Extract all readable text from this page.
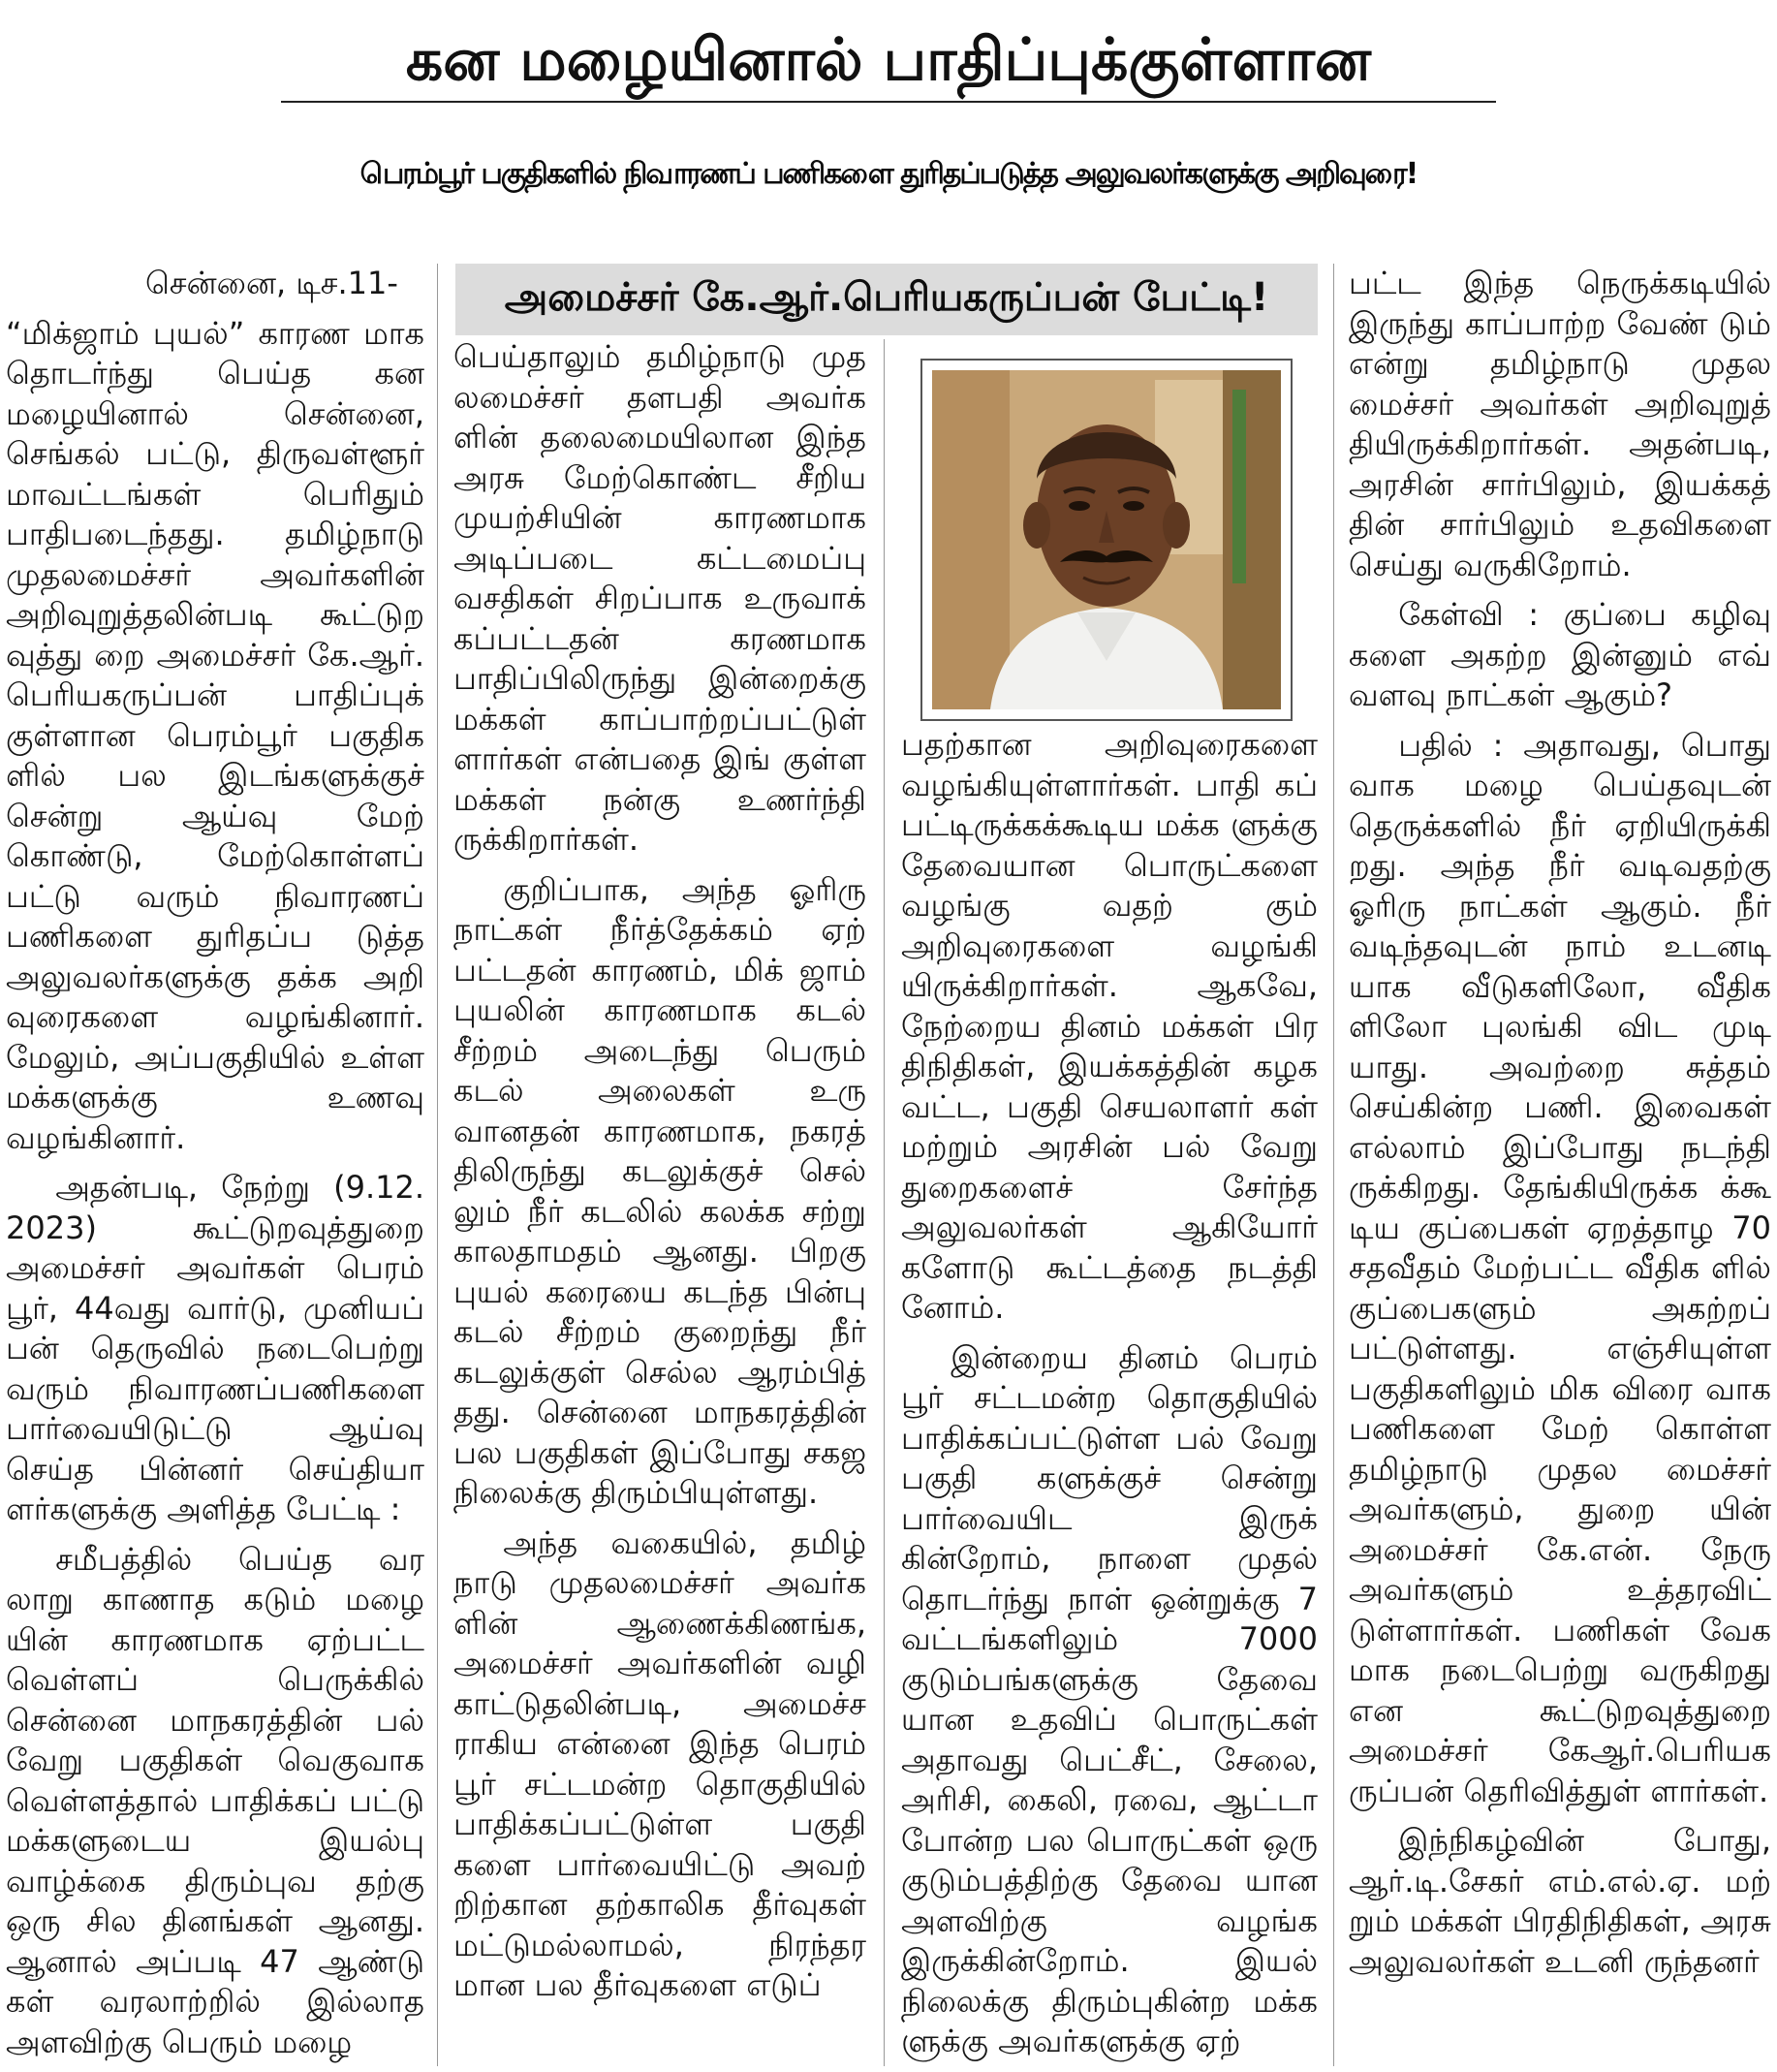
கன மழையினால் பாதிப்புக்குள்ளான
பெரம்பூர் பகுதிகளில் நிவாரணப் பணிகளை துரிதப்படுத்த அலுவலர்களுக்கு அறிவுரை!
அமைச்சர் கே.ஆர்.பெரியகருப்பன் பேட்டி!

சென்னை, டிச.11-

“மிக்ஜாம் புயல்” காரண மாக தொடர்ந்து பெய்த கன மழையினால் சென்னை, செங்கல் பட்டு, திருவள்ளூர் மாவட்டங்கள் பெரிதும் பாதிபடைந்தது. தமிழ்நாடு முதலமைச்சர் அவர்களின் அறிவுறுத்தலின்படி கூட்டுற வுத்து றை அமைச்சர் கே.ஆர். பெரியகருப்பன் பாதிப்புக் குள்ளான பெரம்பூர் பகுதிக ளில் பல இடங்களுக்குச் சென்று ஆய்வு மேற் கொண்டு, மேற்கொள்ளப் பட்டு வரும் நிவாரணப் பணிகளை துரிதப்ப டுத்த அலுவலர்களுக்கு தக்க அறி வுரைகளை வழங்கினார். மேலும், அப்பகுதியில் உள்ள மக்களுக்கு உணவு வழங்கினார்.

அதன்படி, நேற்று (9.12. 2023) கூட்டுறவுத்துறை அமைச்சர் அவர்கள் பெரம் பூர், 44வது வார்டு, முனியப் பன் தெருவில் நடைபெற்று வரும் நிவாரணப்பணிகளை பார்வையிடுட்டு ஆய்வு செய்த பின்னர் செய்தியா ளர்களுக்கு அளித்த பேட்டி :

சமீபத்தில் பெய்த வர லாறு காணாத கடும் மழை யின் காரணமாக ஏற்பட்ட வெள்ளப் பெருக்கில் சென்னை மாநகரத்தின் பல் வேறு பகுதிகள் வெகுவாக வெள்ளத்தால் பாதிக்கப் பட்டு மக்களுடைய இயல்பு வாழ்க்கை திரும்புவ தற்கு ஒரு சில தினங்கள் ஆனது. ஆனால் அப்படி 47 ஆண்டு கள் வரலாற்றில் இல்லாத அளவிற்கு பெரும் மழை

பெய்தாலும் தமிழ்நாடு முத லமைச்சர் தளபதி அவர்க ளின் தலைமையிலான இந்த அரசு மேற்கொண்ட சீறிய முயற்சியின் காரணமாக அடிப்படை கட்டமைப்பு வசதிகள் சிறப்பாக உருவாக் கப்பட்டதன் கரணமாக பாதிப்பிலிருந்து இன்றைக்கு மக்கள் காப்பாற்றப்பட்டுள் ளார்கள் என்பதை இங் குள்ள மக்கள் நன்கு உணர்ந்தி ருக்கிறார்கள்.

குறிப்பாக, அந்த ஓரிரு நாட்கள் நீர்த்தேக்கம் ஏற் பட்டதன் காரணம், மிக் ஜாம் புயலின் காரணமாக கடல் சீற்றம் அடைந்து பெரும் கடல் அலைகள் உரு வானதன் காரணமாக, நகரத் திலிருந்து கடலுக்குச் செல் லும் நீர் கடலில் கலக்க சற்று காலதாமதம் ஆனது. பிறகு புயல் கரையை கடந்த பின்பு கடல் சீற்றம் குறைந்து நீர் கடலுக்குள் செல்ல ஆரம்பித் தது. சென்னை மாநகரத்தின் பல பகுதிகள் இப்போது சகஜ நிலைக்கு திரும்பியுள்ளது.

அந்த வகையில், தமிழ் நாடு முதலமைச்சர் அவர்க ளின் ஆணைக்கிணங்க, அமைச்சர் அவர்களின் வழி காட்டுதலின்படி, அமைச்ச ராகிய என்னை இந்த பெரம் பூர் சட்டமன்ற தொகுதியில் பாதிக்கப்பட்டுள்ள பகுதி களை பார்வையிட்டு அவற் றிற்கான தற்காலிக தீர்வுகள் மட்டுமல்லாமல், நிரந்தர மான பல தீர்வுகளை எடுப்

பதற்கான அறிவுரைகளை வழங்கியுள்ளார்கள். பாதி கப் பட்டிருக்கக்கூடிய மக்க ளுக்கு தேவையான பொருட்களை வழங்கு வதற் கும் அறிவுரைகளை வழங்கி யிருக்கிறார்கள். ஆகவே, நேற்றைய தினம் மக்கள் பிர திநிதிகள், இயக்கத்தின் கழக வட்ட, பகுதி செயலாளர் கள் மற்றும் அரசின் பல் வேறு துறைகளைச் சேர்ந்த அலுவலர்கள் ஆகியோர் களோடு கூட்டத்தை நடத்தி னோம்.

இன்றைய தினம் பெரம் பூர் சட்டமன்ற தொகுதியில் பாதிக்கப்பட்டுள்ள பல் வேறு பகுதி களுக்குச் சென்று பார்வையிட இருக் கின்றோம், நாளை முதல் தொடர்ந்து நாள் ஒன்றுக்கு 7 வட்டங்களிலும் 7000 குடும்பங்களுக்கு தேவை யான உதவிப் பொருட்கள் அதாவது பெட்சீட், சேலை, அரிசி, கைலி, ரவை, ஆட்டா போன்ற பல பொருட்கள் ஒரு குடும்பத்திற்கு தேவை யான அளவிற்கு வழங்க இருக்கின்றோம். இயல் நிலைக்கு திரும்புகின்ற மக்க ளுக்கு அவர்களுக்கு ஏற்

பட்ட இந்த நெருக்கடியில் இருந்து காப்பாற்ற வேண் டும் என்று தமிழ்நாடு முதல மைச்சர் அவர்கள் அறிவுறுத் தியிருக்கிறார்கள். அதன்படி, அரசின் சார்பிலும், இயக்கத் தின் சார்பிலும் உதவிகளை செய்து வருகிறோம்.

கேள்வி : குப்பை கழிவு களை அகற்ற இன்னும் எவ் வளவு நாட்கள் ஆகும்?

பதில் : அதாவது, பொது வாக மழை பெய்தவுடன் தெருக்களில் நீர் ஏறியிருக்கி றது. அந்த நீர் வடிவதற்கு ஓரிரு நாட்கள் ஆகும். நீர் வடிந்தவுடன் நாம் உடனடி யாக வீடுகளிலோ, வீதிக ளிலோ புலங்கி விட முடி யாது. அவற்றை சுத்தம் செய்கின்ற பணி. இவைகள் எல்லாம் இப்போது நடந்தி ருக்கிறது. தேங்கியிருக்க க்கூ டிய குப்பைகள் ஏறத்தாழ 70 சதவீதம் மேற்பட்ட வீதிக ளில் குப்பைகளும் அகற்றப் பட்டுள்ளது. எஞ்சியுள்ள பகுதிகளிலும் மிக விரை வாக பணிகளை மேற் கொள்ள தமிழ்நாடு முதல மைச்சர் அவர்களும், துறை யின் அமைச்சர் கே.என். நேரு அவர்களும் உத்தரவிட் டுள்ளார்கள். பணிகள் வேக மாக நடைபெற்று வருகிறது என கூட்டுறவுத்துறை அமைச்சர் கேஆர்.பெரியக ருப்பன் தெரிவித்துள் ளார்கள்.

இந்நிகழ்வின் போது, ஆர்.டி.சேகர் எம்.எல்.ஏ. மற் றும் மக்கள் பிரதிநிதிகள், அரசு அலுவலர்கள் உடனி ருந்தனர்
